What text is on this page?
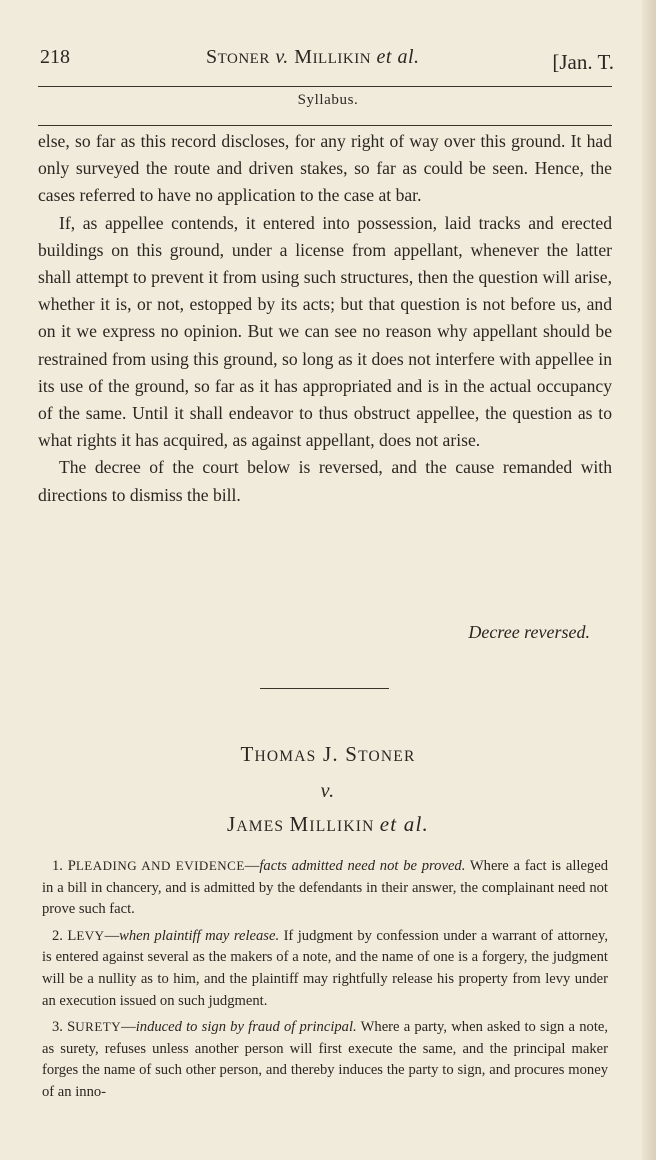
218	STONER v. MILLIKIN et al.	[Jan. T.
Syllabus.

else, so far as this record discloses, for any right of way over this ground. It had only surveyed the route and driven stakes, so far as could be seen. Hence, the cases referred to have no application to the case at bar.

If, as appellee contends, it entered into possession, laid tracks and erected buildings on this ground, under a license from appellant, whenever the latter shall attempt to prevent it from using such structures, then the question will arise, whether it is, or not, estopped by its acts; but that question is not before us, and on it we express no opinion. But we can see no reason why appellant should be restrained from using this ground, so long as it does not interfere with appellee in its use of the ground, so far as it has appropriated and is in the actual occupancy of the same. Until it shall endeavor to thus obstruct appellee, the question as to what rights it has acquired, as against appellant, does not arise.

The decree of the court below is reversed, and the cause remanded with directions to dismiss the bill.

Decree reversed.
THOMAS J. STONER
v.
JAMES MILLIKIN et al.

1. PLEADING AND EVIDENCE—facts admitted need not be proved. Where a fact is alleged in a bill in chancery, and is admitted by the defendants in their answer, the complainant need not prove such fact.

2. LEVY—when plaintiff may release. If judgment by confession under a warrant of attorney, is entered against several as the makers of a note, and the name of one is a forgery, the judgment will be a nullity as to him, and the plaintiff may rightfully release his property from levy under an execution issued on such judgment.

3. SURETY—induced to sign by fraud of principal. Where a party, when asked to sign a note, as surety, refuses unless another person will first execute the same, and the principal maker forges the name of such other person, and thereby induces the party to sign, and procures money of an inno-
